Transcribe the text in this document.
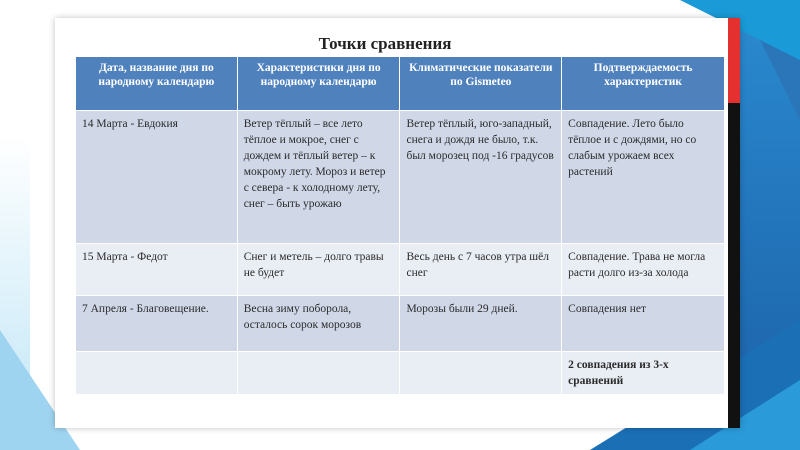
Точки сравнения
Дата, название дня по народному календарю	Характеристики дня по народному календарю	Климатические показатели по Gismeteo	Подтверждаемость характеристик
14 Марта - Евдокия	Ветер тёплый – все лето тёплое и мокрое, снег с дождем и тёплый ветер – к мокрому лету. Мороз и ветер с севера - к холодному лету, снег – быть урожаю	Ветер тёплый, юго-западный, снега и дождя не было, т.к. был морозец под -16 градусов	Совпадение. Лето было тёплое и с дождями, но со слабым урожаем всех растений
15 Марта - Федот	Снег и метель – долго травы не будет	Весь день с 7 часов утра шёл снег	Совпадение. Трава не могла расти долго из-за холода
7 Апреля - Благовещение.	Весна зиму поборола, осталось сорок морозов	Морозы были 29 дней.	Совпадения нет
			2 совпадения из 3-х сравнений
